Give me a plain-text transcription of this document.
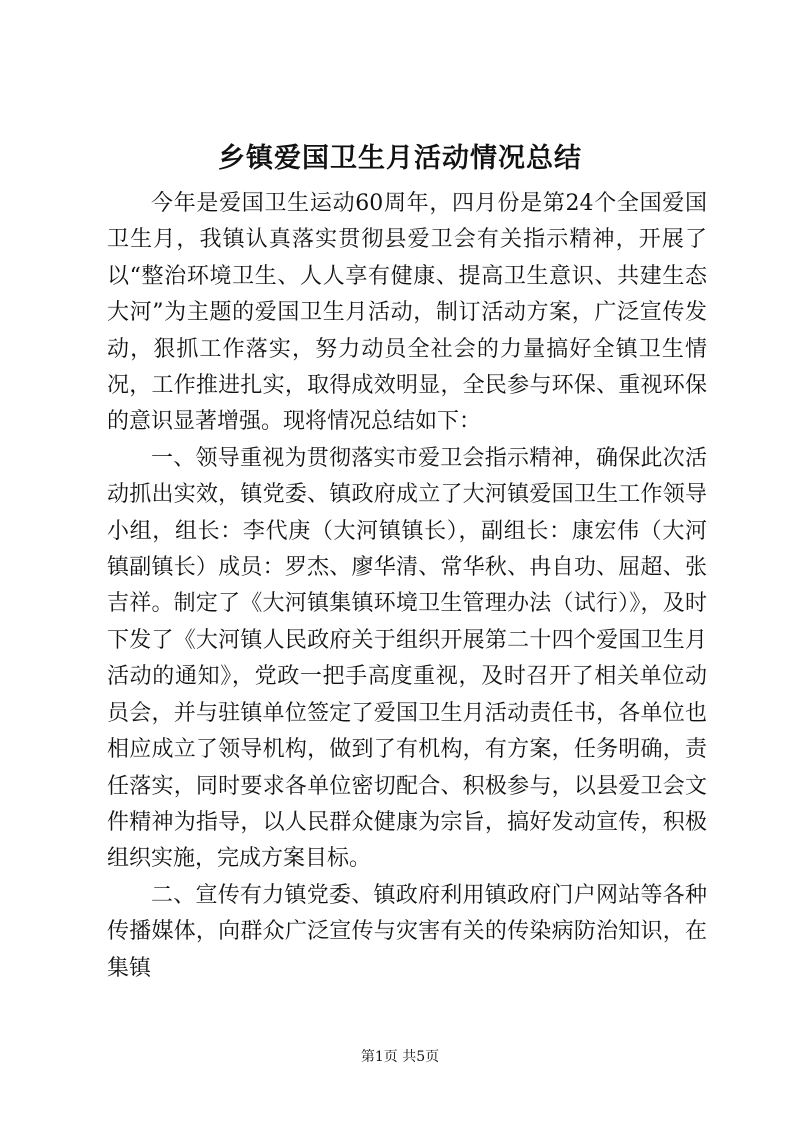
乡镇爱国卫生月活动情况总结

今年是爱国卫生运动60周年，四月份是第24个全国爱国卫生月，我镇认真落实贯彻县爱卫会有关指示精神，开展了以“整治环境卫生、人人享有健康、提高卫生意识、共建生态大河”为主题的爱国卫生月活动，制订活动方案，广泛宣传发动，狠抓工作落实，努力动员全社会的力量搞好全镇卫生情况，工作推进扎实，取得成效明显，全民参与环保、重视环保的意识显著增强。现将情况总结如下：

一、领导重视为贯彻落实市爱卫会指示精神，确保此次活动抓出实效，镇党委、镇政府成立了大河镇爱国卫生工作领导小组，组长：李代庚（大河镇镇长），副组长：康宏伟（大河镇副镇长）成员：罗杰、廖华清、常华秋、冉自功、屈超、张吉祥。制定了《大河镇集镇环境卫生管理办法（试行）》，及时下发了《大河镇人民政府关于组织开展第二十四个爱国卫生月活动的通知》，党政一把手高度重视，及时召开了相关单位动员会，并与驻镇单位签定了爱国卫生月活动责任书，各单位也相应成立了领导机构，做到了有机构，有方案，任务明确，责任落实，同时要求各单位密切配合、积极参与，以县爱卫会文件精神为指导，以人民群众健康为宗旨，搞好发动宣传，积极组织实施，完成方案目标。

二、宣传有力镇党委、镇政府利用镇政府门户网站等各种传播媒体，向群众广泛宣传与灾害有关的传染病防治知识，在集镇

第1页 共5页
